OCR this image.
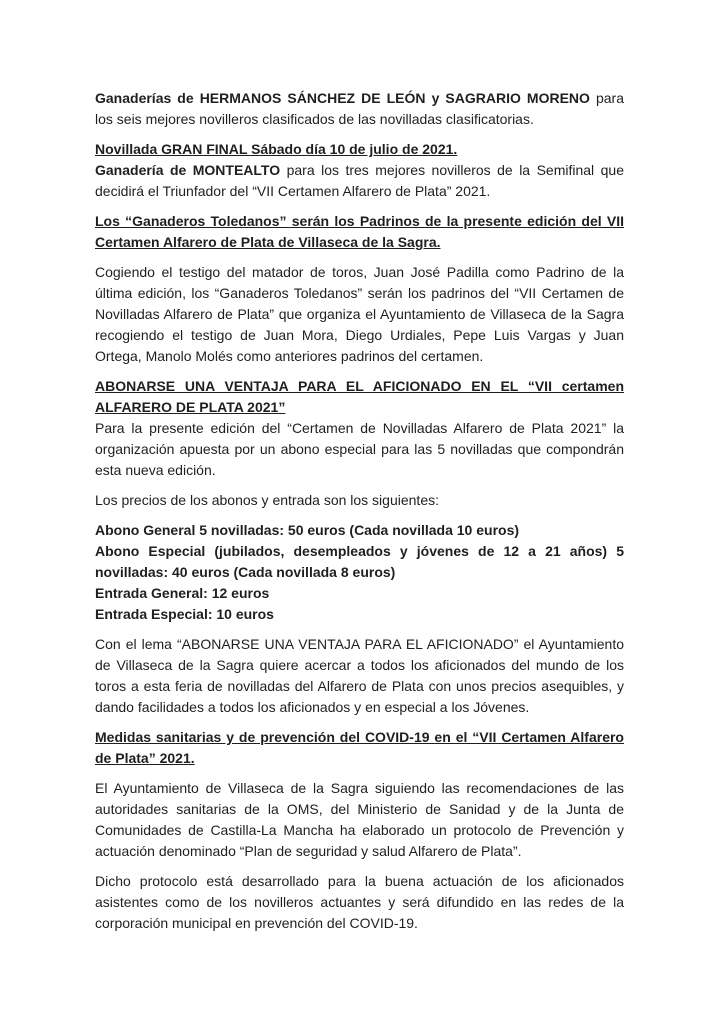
Ganaderías de HERMANOS SÁNCHEZ DE LEÓN y SAGRARIO MORENO para los seis mejores novilleros clasificados de las novilladas clasificatorias.

Novillada GRAN FINAL Sábado día 10 de julio de 2021.

Ganadería de MONTEALTO para los tres mejores novilleros de la Semifinal que decidirá el Triunfador del “VII Certamen Alfarero de Plata” 2021.

Los “Ganaderos Toledanos” serán los Padrinos de la presente edición del VII Certamen Alfarero de Plata de Villaseca de la Sagra.

Cogiendo el testigo del matador de toros, Juan José Padilla como Padrino de la última edición, los “Ganaderos Toledanos” serán los padrinos del “VII Certamen de Novilladas Alfarero de Plata” que organiza el Ayuntamiento de Villaseca de la Sagra recogiendo el testigo de Juan Mora, Diego Urdiales, Pepe Luis Vargas y Juan Ortega, Manolo Molés como anteriores padrinos del certamen.

ABONARSE UNA VENTAJA PARA EL AFICIONADO EN EL “VII certamen ALFARERO DE PLATA 2021”

Para la presente edición del “Certamen de Novilladas Alfarero de Plata 2021” la organización apuesta por un abono especial para las 5 novilladas que compondrán esta nueva edición.

Los precios de los abonos y entrada son los siguientes:

Abono General 5 novilladas: 50 euros (Cada novillada 10 euros)

Abono Especial (jubilados, desempleados y jóvenes de 12 a 21 años) 5 novilladas: 40 euros (Cada novillada 8 euros)

Entrada General: 12 euros

Entrada Especial: 10 euros

Con el lema “ABONARSE UNA VENTAJA PARA EL AFICIONADO” el Ayuntamiento de Villaseca de la Sagra quiere acercar a todos los aficionados del mundo de los toros a esta feria de novilladas del Alfarero de Plata con unos precios asequibles, y dando facilidades a todos los aficionados y en especial a los Jóvenes.

Medidas sanitarias y de prevención del COVID-19 en el “VII Certamen Alfarero de Plata” 2021.

El Ayuntamiento de Villaseca de la Sagra siguiendo las recomendaciones de las autoridades sanitarias de la OMS, del Ministerio de Sanidad y de la Junta de Comunidades de Castilla-La Mancha ha elaborado un protocolo de Prevención y actuación denominado “Plan de seguridad y salud Alfarero de Plata”.

Dicho protocolo está desarrollado para la buena actuación de los aficionados asistentes como de los novilleros actuantes y será difundido en las redes de la corporación municipal en prevención del COVID-19.
